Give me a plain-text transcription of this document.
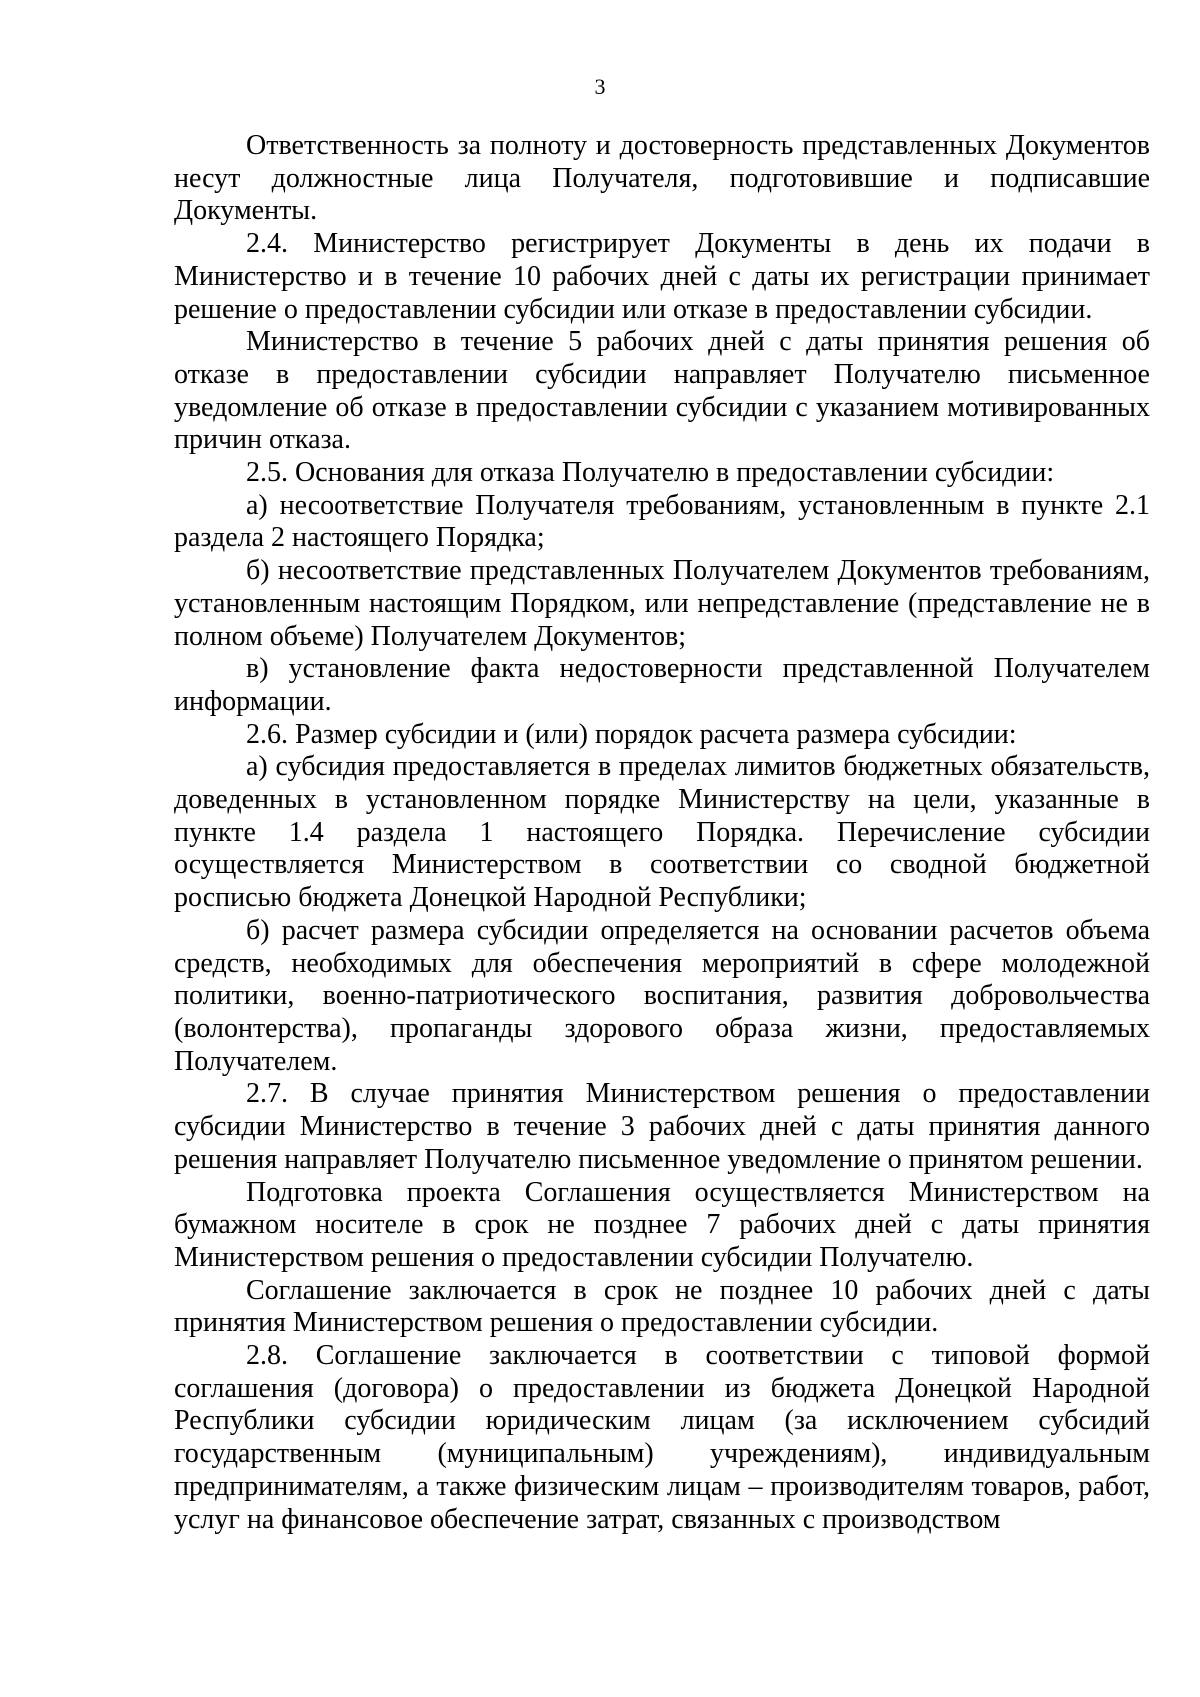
3

Ответственность за полноту и достоверность представленных Документов несут должностные лица Получателя, подготовившие и подписавшие Документы.

2.4. Министерство регистрирует Документы в день их подачи в Министерство и в течение 10 рабочих дней с даты их регистрации принимает решение о предоставлении субсидии или отказе в предоставлении субсидии.

Министерство в течение 5 рабочих дней с даты принятия решения об отказе в предоставлении субсидии направляет Получателю письменное уведомление об отказе в предоставлении субсидии с указанием мотивированных причин отказа.

2.5. Основания для отказа Получателю в предоставлении субсидии:

а) несоответствие Получателя требованиям, установленным в пункте 2.1 раздела 2 настоящего Порядка;

б) несоответствие представленных Получателем Документов требованиям, установленным настоящим Порядком, или непредставление (представление не в полном объеме) Получателем Документов;

в) установление факта недостоверности представленной Получателем информации.

2.6. Размер субсидии и (или) порядок расчета размера субсидии:

а) субсидия предоставляется в пределах лимитов бюджетных обязательств, доведенных в установленном порядке Министерству на цели, указанные в пункте 1.4 раздела 1 настоящего Порядка. Перечисление субсидии осуществляется Министерством в соответствии со сводной бюджетной росписью бюджета Донецкой Народной Республики;

б) расчет размера субсидии определяется на основании расчетов объема средств, необходимых для обеспечения мероприятий в сфере молодежной политики, военно-патриотического воспитания, развития добровольчества (волонтерства), пропаганды здорового образа жизни, предоставляемых Получателем.

2.7. В случае принятия Министерством решения о предоставлении субсидии Министерство в течение 3 рабочих дней с даты принятия данного решения направляет Получателю письменное уведомление о принятом решении.

Подготовка проекта Соглашения осуществляется Министерством на бумажном носителе в срок не позднее 7 рабочих дней с даты принятия Министерством решения о предоставлении субсидии Получателю.

Соглашение заключается в срок не позднее 10 рабочих дней с даты принятия Министерством решения о предоставлении субсидии.

2.8. Соглашение заключается в соответствии с типовой формой соглашения (договора) о предоставлении из бюджета Донецкой Народной Республики субсидии юридическим лицам (за исключением субсидий государственным (муниципальным) учреждениям), индивидуальным предпринимателям, а также физическим лицам – производителям товаров, работ, услуг на финансовое обеспечение затрат, связанных с производством
